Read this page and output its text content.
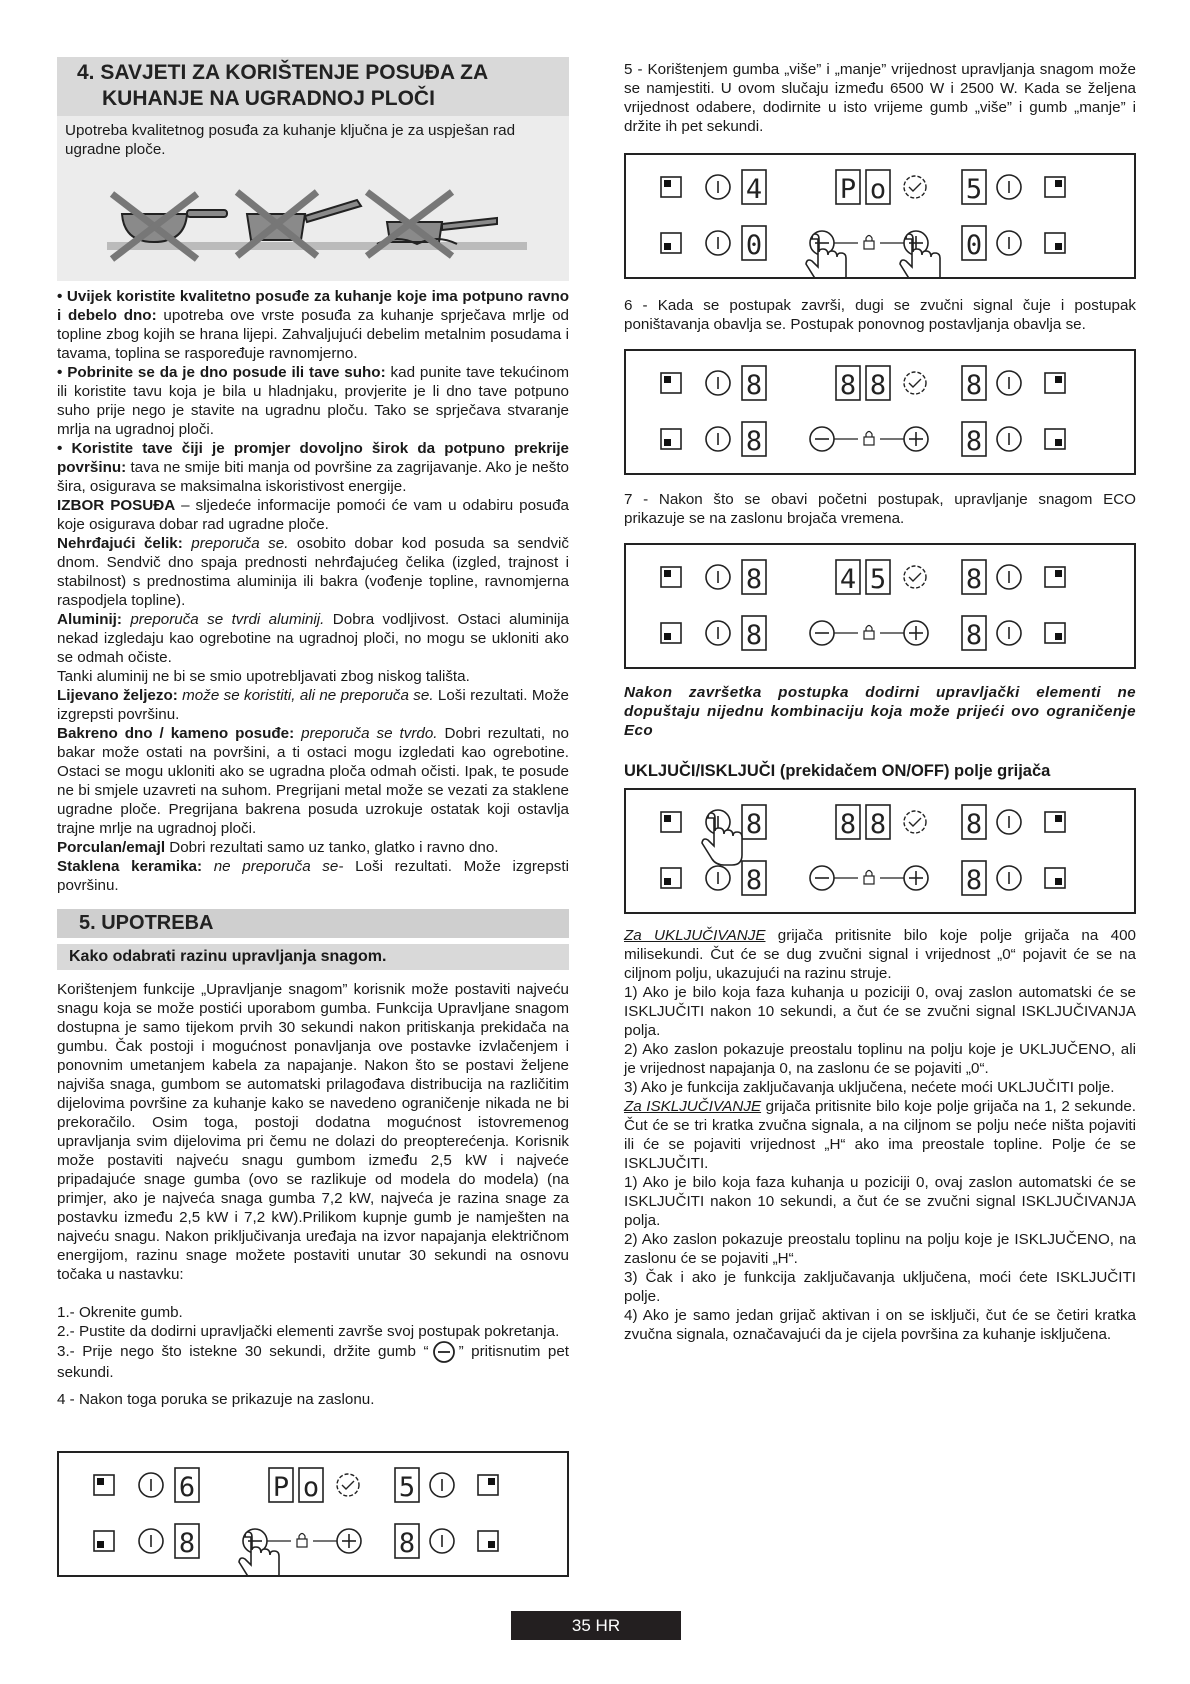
4. SAVJETI ZA KORIŠTENJE POSUĐA ZA
KUHANJE NA UGRADNOJ PLOČI
Upotreba kvalitetnog posuđa za kuhanje ključna je za uspješan rad ugradne ploče.

• Uvijek koristite kvalitetno posuđe za kuhanje koje ima potpuno ravno i debelo dno: upotreba ove vrste posuđa za kuhanje sprječava mrlje od topline zbog kojih se hrana lijepi. Zahvaljujući debelim metalnim posudama i tavama, toplina se raspoređuje ravnomjerno.

• Pobrinite se da je dno posude ili tave suho: kad punite tave tekućinom ili koristite tavu koja je bila u hladnjaku, provjerite je li dno tave potpuno suho prije nego je stavite na ugradnu ploču. Tako se sprječava stvaranje mrlja na ugradnoj ploči.

• Koristite tave čiji je promjer dovoljno širok da potpuno prekrije površinu: tava ne smije biti manja od površine za zagrijavanje. Ako je nešto šira, osigurava se maksimalna iskoristivost energije.

IZBOR POSUĐA – sljedeće informacije pomoći će vam u odabiru posuđa koje osigurava dobar rad ugradne ploče.

Nehrđajući čelik: preporuča se. osobito dobar kod posuda sa sendvič dnom. Sendvič dno spaja prednosti nehrđajućeg čelika (izgled, trajnost i stabilnost) s prednostima aluminija ili bakra (vođenje topline, ravnomjerna raspodjela topline).

Aluminij: preporuča se tvrdi aluminij. Dobra vodljivost. Ostaci aluminija nekad izgledaju kao ogrebotine na ugradnoj ploči, no mogu se ukloniti ako se odmah očiste.

Tanki aluminij ne bi se smio upotrebljavati zbog niskog tališta.

Lijevano željezo: može se koristiti, ali ne preporuča se. Loši rezultati. Može izgrepsti površinu.

Bakreno dno / kameno posuđe: preporuča se tvrdo. Dobri rezultati, no bakar može ostati na površini, a ti ostaci mogu izgledati kao ogrebotine. Ostaci se mogu ukloniti ako se ugradna ploča odmah očisti. Ipak, te posude ne bi smjele uzavreti na suhom. Pregrijani metal može se vezati za staklene ugradne ploče. Pregrijana bakrena posuda uzrokuje ostatak koji ostavlja trajne mrlje na ugradnoj ploči.

Porculan/emajl Dobri rezultati samo uz tanko, glatko i ravno dno.

Staklena keramika: ne preporuča se- Loši rezultati. Može izgrepsti površinu.

5. UPOTREBA
Kako odabrati razinu upravljanja snagom.

Korištenjem funkcije „Upravljanje snagom” korisnik može postaviti najveću snagu koja se može postići uporabom gumba. Funkcija Upravljane snagom dostupna je samo tijekom prvih 30 sekundi nakon pritiskanja prekidača na gumbu. Čak postoji i mogućnost ponavljanja ove postavke izvlačenjem i ponovnim umetanjem kabela za napajanje. Nakon što se postavi željene najviša snaga, gumbom se automatski prilagođava distribucija na različitim dijelovima površine za kuhanje kako se navedeno ograničenje nikada ne bi prekoračilo. Osim toga, postoji dodatna mogućnost istovremenog upravljanja svim dijelovima pri čemu ne dolazi do preopterećenja. Korisnik može postaviti najveću snagu gumbom između 2,5 kW i najveće pripadajuće snage gumba (ovo se razlikuje od modela do modela) (na primjer, ako je najveća snaga gumba 7,2 kW, najveća je razina snage za postavku između 2,5 kW i 7,2 kW).Prilikom kupnje gumb je namješten na najveću snagu. Nakon priključivanja uređaja na izvor napajanja električnom energijom, razinu snage možete postaviti unutar 30 sekundi na osnovu točaka u nastavku:

1.- Okrenite gumb.

2.- Pustite da dodirni upravljački elementi završe svoj postupak pokretanja.

3.- Prije nego što istekne 30 sekundi, držite gumb “ ” pritisnutim pet sekundi.

4 - Nakon toga poruka se prikazuje na zaslonu.

6	P o	5
8	8

5 - Korištenjem gumba „više” i „manje” vrijednost upravljanja snagom može se namjestiti. U ovom slučaju između 6500 W i 2500 W. Kada se željena vrijednost odabere, dodirnite u isto vrijeme gumb „više” i gumb „manje” i držite ih pet sekundi.

4	P o	5
0	0

6 - Kada se postupak završi, dugi se zvučni signal čuje i postupak poništavanja obavlja se. Postupak ponovnog postavljanja obavlja se.

8	8 8	8
8	8

7 - Nakon što se obavi početni postupak, upravljanje snagom ECO prikazuje se na zaslonu brojača vremena.

8	4 5	8
8	8

Nakon završetka postupka dodirni upravljački elementi ne dopuštaju nijednu kombinaciju koja može prijeći ovo ograničenje Eco

UKLJUČI/ISKLJUČI (prekidačem ON/OFF) polje grijača
8	8 8	8
8	8

Za UKLJUČIVANJE grijača pritisnite bilo koje polje grijača na 400 milisekundi. Čut će se dug zvučni signal i vrijednost „0“ pojavit će se na ciljnom polju, ukazujući na razinu struje.

1) Ako je bilo koja faza kuhanja u poziciji 0, ovaj zaslon automatski će se ISKLJUČITI nakon 10 sekundi, a čut će se zvučni signal ISKLJUČIVANJA polja.

2) Ako zaslon pokazuje preostalu toplinu na polju koje je UKLJUČENO, ali je vrijednost napajanja 0, na zaslonu će se pojaviti „0“.

3) Ako je funkcija zaključavanja uključena, nećete moći UKLJUČITI polje.

Za ISKLJUČIVANJE grijača pritisnite bilo koje polje grijača na 1, 2 sekunde. Čut će se tri kratka zvučna signala, a na ciljnom se polju neće ništa pojaviti ili će se pojaviti vrijednost „H“ ako ima preostale topline. Polje će se ISKLJUČITI.

1) Ako je bilo koja faza kuhanja u poziciji 0, ovaj zaslon automatski će se ISKLJUČITI nakon 10 sekundi, a čut će se zvučni signal ISKLJUČIVANJA polja.

2) Ako zaslon pokazuje preostalu toplinu na polju koje je ISKLJUČENO, na zaslonu će se pojaviti „H“.

3) Čak i ako je funkcija zaključavanja uključena, moći ćete ISKLJUČITI polje.

4) Ako je samo jedan grijač aktivan i on se isključi, čut će se četiri kratka zvučna signala, označavajući da je cijela površina za kuhanje isključena.

35 HR
